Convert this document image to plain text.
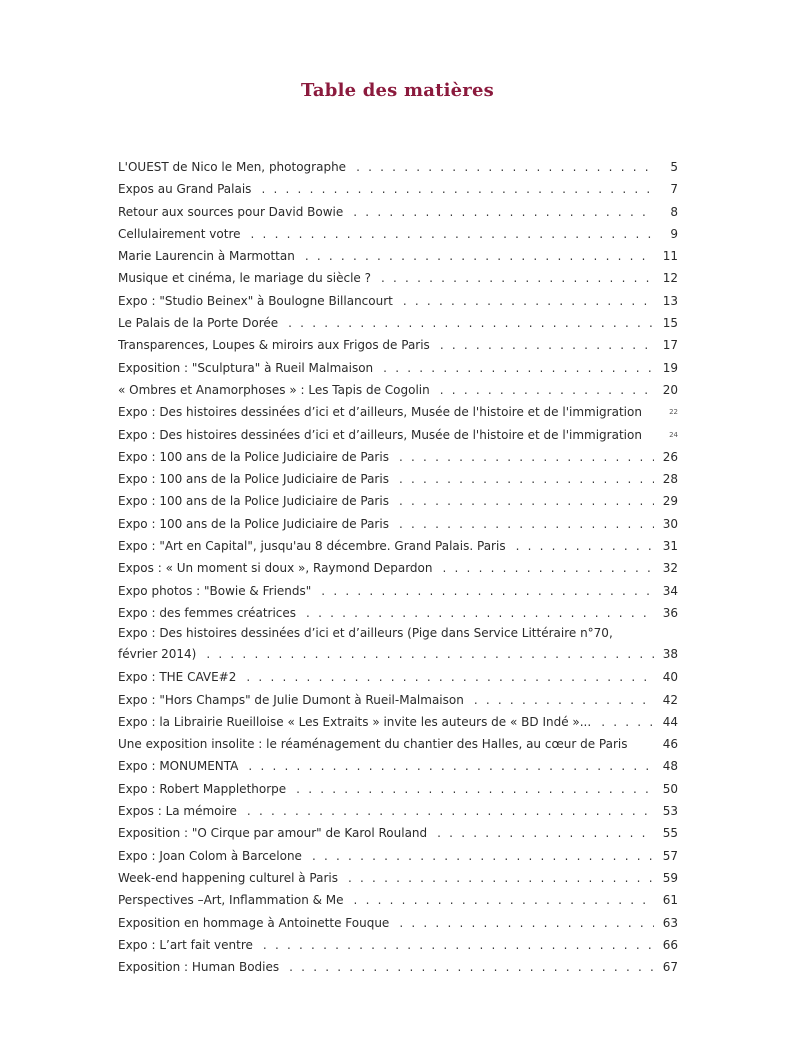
Table des matières
L'OUEST de Nico le Men, photographe . . .	5
Expos au Grand Palais . . .	7
Retour aux sources pour David Bowie . . .	8
Cellulairement votre . . .	9
Marie Laurencin à Marmottan . . .	11
Musique et cinéma, le mariage du siècle ? . . .	12
Expo : "Studio Beinex" à Boulogne Billancourt . . .	13
Le Palais de la Porte Dorée . . .	15
Transparences, Loupes & miroirs aux Frigos de Paris . . .	17
Exposition : "Sculptura" à Rueil Malmaison . . .	19
« Ombres et Anamorphoses » : Les Tapis de Cogolin . . .	20
Expo : Des histoires dessinées d’ici et d’ailleurs, Musée de l'histoire et de l'immigration	22
Expo : Des histoires dessinées d’ici et d’ailleurs, Musée de l'histoire et de l'immigration	24
Expo : 100 ans de la Police Judiciaire de Paris . . .	26
Expo : 100 ans de la Police Judiciaire de Paris . . .	28
Expo : 100 ans de la Police Judiciaire de Paris . . .	29
Expo : 100 ans de la Police Judiciaire de Paris . . .	30
Expo : "Art en Capital", jusqu'au 8 décembre. Grand Palais. Paris . . .	31
Expos : « Un moment si doux », Raymond Depardon . . .	32
Expo photos : "Bowie & Friends" . . .	34
Expo : des femmes créatrices . . .	36
Expo : Des histoires dessinées d’ici et d’ailleurs (Pige dans Service Littéraire n°70,
février 2014) . . .	38
Expo : THE CAVE#2 . . .	40
Expo : "Hors Champs" de Julie Dumont à Rueil-Malmaison . . .	42
Expo : la Librairie Rueilloise « Les Extraits » invite les auteurs de « BD Indé »... . . .	44
Une exposition insolite : le réaménagement du chantier des Halles, au cœur de Paris	46
Expo : MONUMENTA . . .	48
Expo : Robert Mapplethorpe . . .	50
Expos : La mémoire . . .	53
Exposition : "O Cirque par amour" de Karol Rouland . . .	55
Expo : Joan Colom à Barcelone . . .	57
Week-end happening culturel à Paris . . .	59
Perspectives –Art, Inflammation & Me . . .	61
Exposition en hommage à Antoinette Fouque . . .	63
Expo : L’art fait ventre . . .	66
Exposition : Human Bodies . . .	67
